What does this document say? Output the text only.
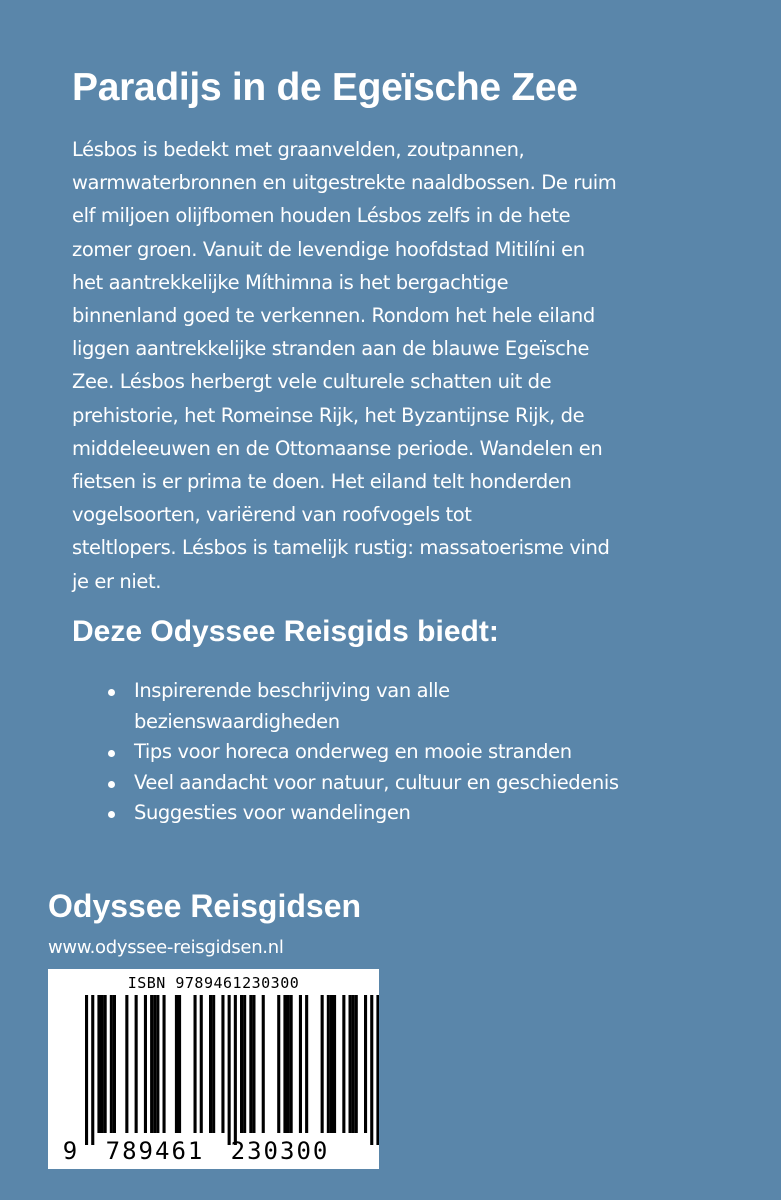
Paradijs in de Egeïsche Zee

Lésbos is bedekt met graanvelden, zoutpannen,
warmwaterbronnen en uitgestrekte naaldbossen. De ruim
elf miljoen olijfbomen houden Lésbos zelfs in de hete
zomer groen. Vanuit de levendige hoofdstad Mitilíni en
het aantrekkelijke Míthimna is het bergachtige
binnenland goed te verkennen. Rondom het hele eiland
liggen aantrekkelijke stranden aan de blauwe Egeïsche
Zee. Lésbos herbergt vele culturele schatten uit de
prehistorie, het Romeinse Rijk, het Byzantijnse Rijk, de
middeleeuwen en de Ottomaanse periode. Wandelen en
fietsen is er prima te doen. Het eiland telt honderden
vogelsoorten, variërend van roofvogels tot
steltlopers. Lésbos is tamelijk rustig: massatoerisme vind
je er niet.

Deze Odyssee Reisgids biedt:
Inspirerende beschrijving van alle
bezienswaardigheden
Tips voor horeca onderweg en mooie stranden
Veel aandacht voor natuur, cultuur en geschiedenis
Suggesties voor wandelingen
Odyssee Reisgidsen
www.odyssee-reisgidsen.nl
ISBN 9789461230300
9 789461 230300
